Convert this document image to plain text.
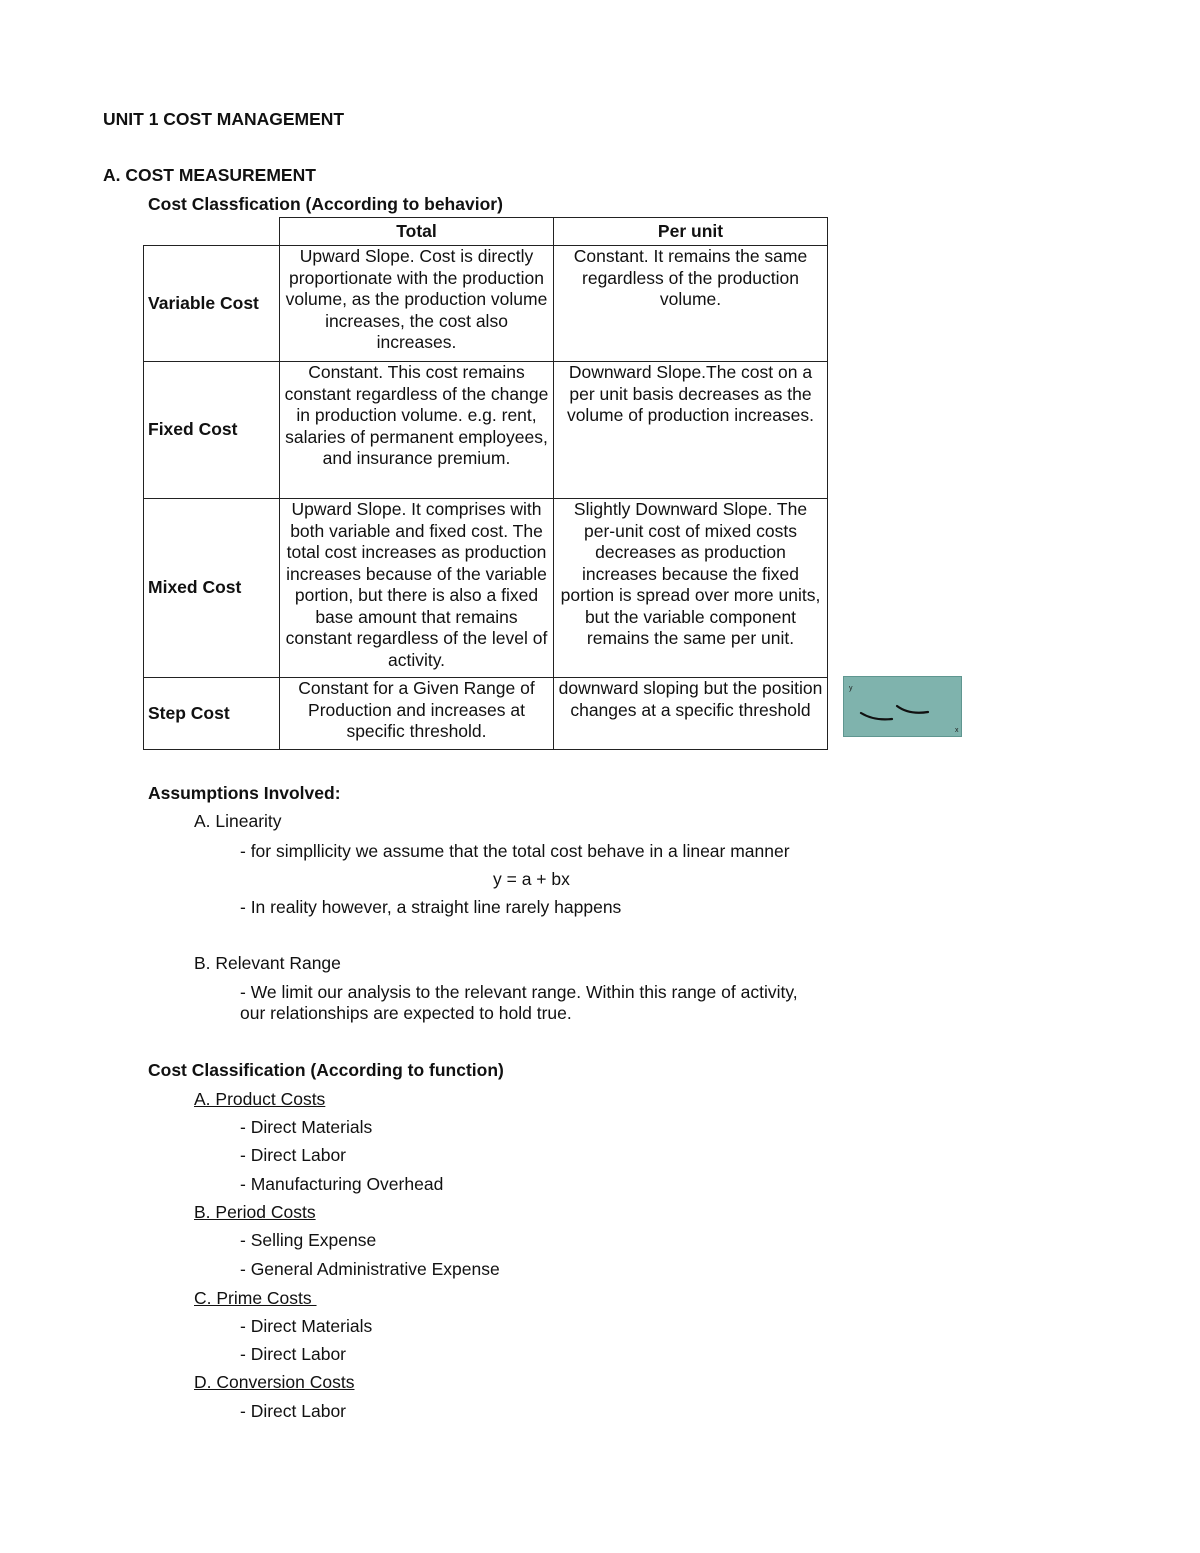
UNIT 1 COST MANAGEMENT
A. COST MEASUREMENT
Cost Classfication (According to behavior)
	Total	Per unit
Variable Cost	Upward Slope. Cost is directly proportionate with the production volume, as the production volume increases, the cost also increases.	Constant. It remains the same regardless of the production volume.
Fixed Cost	Constant. This cost remains constant regardless of the change in production volume. e.g. rent, salaries of permanent employees, and insurance premium.	Downward Slope.The cost on a per unit basis decreases as the volume of production increases.
Mixed Cost	Upward Slope. It comprises with both variable and fixed cost. The total cost increases as production increases because of the variable portion, but there is also a fixed base amount that remains constant regardless of the level of activity.	Slightly Downward Slope. The per-unit cost of mixed costs decreases as production increases because the fixed portion is spread over more units, but the variable component remains the same per unit.
Step Cost	Constant for a Given Range of Production and increases at specific threshold.	downward sloping but the position changes at a specific threshold
y
x
Assumptions Involved:
A. Linearity
- for simpllicity we assume that the total cost behave in a linear manner
y = a + bx
- In reality however, a straight line rarely happens
B. Relevant Range
- We limit our analysis to the relevant range. Within this range of activity,
our relationships are expected to hold true.
Cost Classification (According to function)
A. Product Costs
- Direct Materials
- Direct Labor
- Manufacturing Overhead
B. Period Costs
- Selling Expense
- General Administrative Expense
C. Prime Costs
- Direct Materials
- Direct Labor
D. Conversion Costs
- Direct Labor
